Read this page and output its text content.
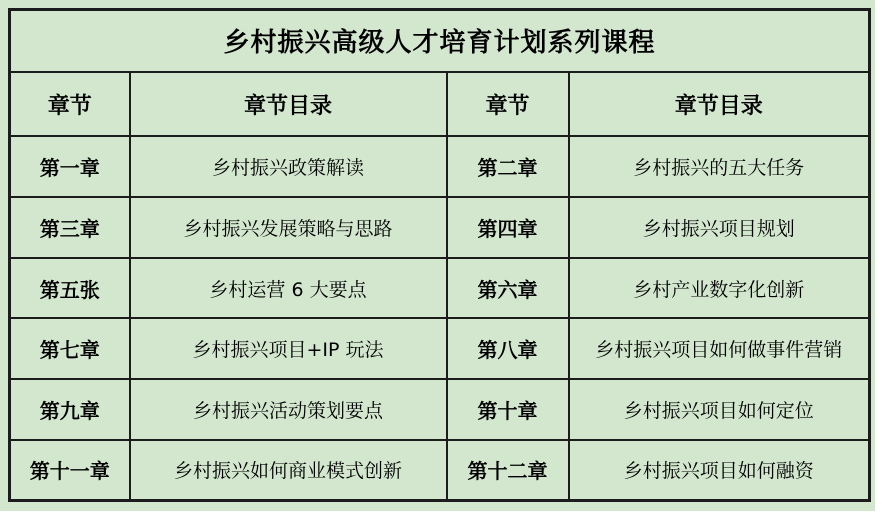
乡村振兴高级人才培育计划系列课程			
章节	章节目录	章节	章节目录
第一章	乡村振兴政策解读	第二章	乡村振兴的五大任务
第三章	乡村振兴发展策略与思路	第四章	乡村振兴项目规划
第五张	乡村运营 6 大要点	第六章	乡村产业数字化创新
第七章	乡村振兴项目+IP 玩法	第八章	乡村振兴项目如何做事件营销
第九章	乡村振兴活动策划要点	第十章	乡村振兴项目如何定位
第十一章	乡村振兴如何商业模式创新	第十二章	乡村振兴项目如何融资
